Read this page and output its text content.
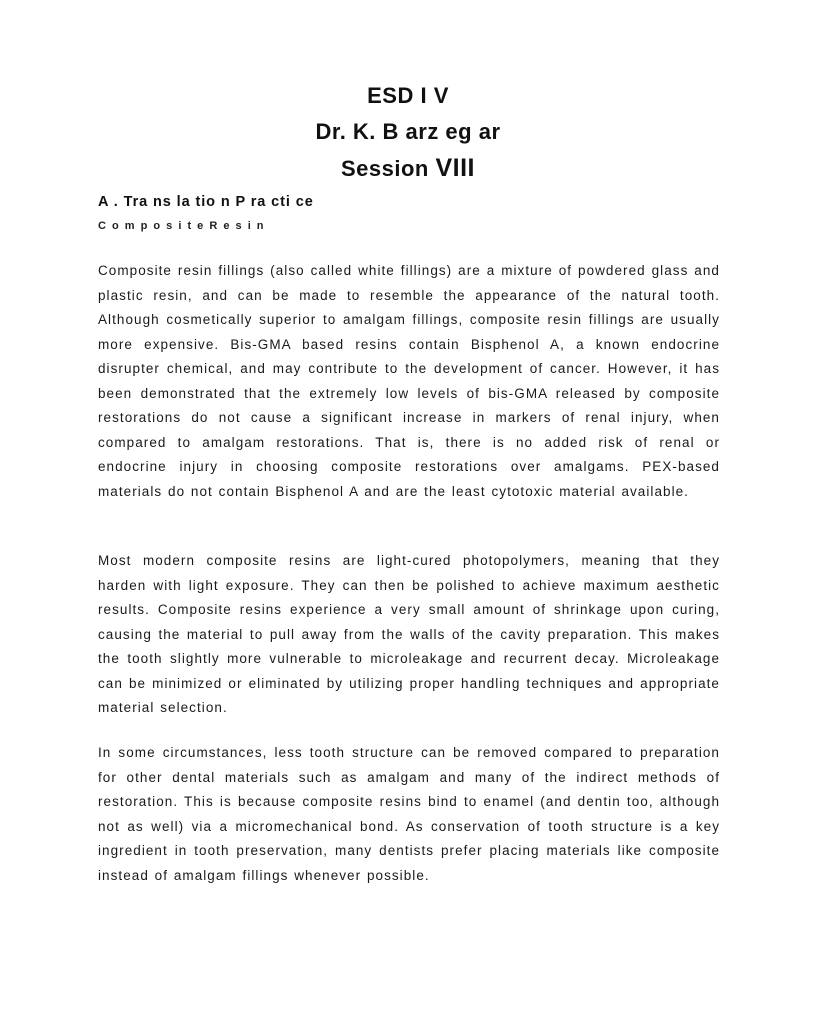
ESD I V
Dr. K. B arz eg ar
Session VIII
A . Tra ns la tio n P ra cti ce
C o m p o s i t e R e s i n

Composite resin fillings (also called white fillings) are a mixture of powdered glass and plastic resin, and can be made to resemble the appearance of the natural tooth. Although cosmetically superior to amalgam fillings, composite resin fillings are usually more expensive. Bis-GMA based resins contain Bisphenol A, a known endocrine disrupter chemical, and may contribute to the development of cancer. However, it has been demonstrated that the extremely low levels of bis-GMA released by composite restorations do not cause a significant increase in markers of renal injury, when compared to amalgam restorations. That is, there is no added risk of renal or endocrine injury in choosing composite restorations over amalgams. PEX-based materials do not contain Bisphenol A and are the least cytotoxic material available.

Most modern composite resins are light-cured photopolymers, meaning that they harden with light exposure. They can then be polished to achieve maximum aesthetic results. Composite resins experience a very small amount of shrinkage upon curing, causing the material to pull away from the walls of the cavity preparation. This makes the tooth slightly more vulnerable to microleakage and recurrent decay. Microleakage can be minimized or eliminated by utilizing proper handling techniques and appropriate material selection.

In some circumstances, less tooth structure can be removed compared to preparation for other dental materials such as amalgam and many of the indirect methods of restoration. This is because composite resins bind to enamel (and dentin too, although not as well) via a micromechanical bond. As conservation of tooth structure is a key ingredient in tooth preservation, many dentists prefer placing materials like composite instead of amalgam fillings whenever possible.
